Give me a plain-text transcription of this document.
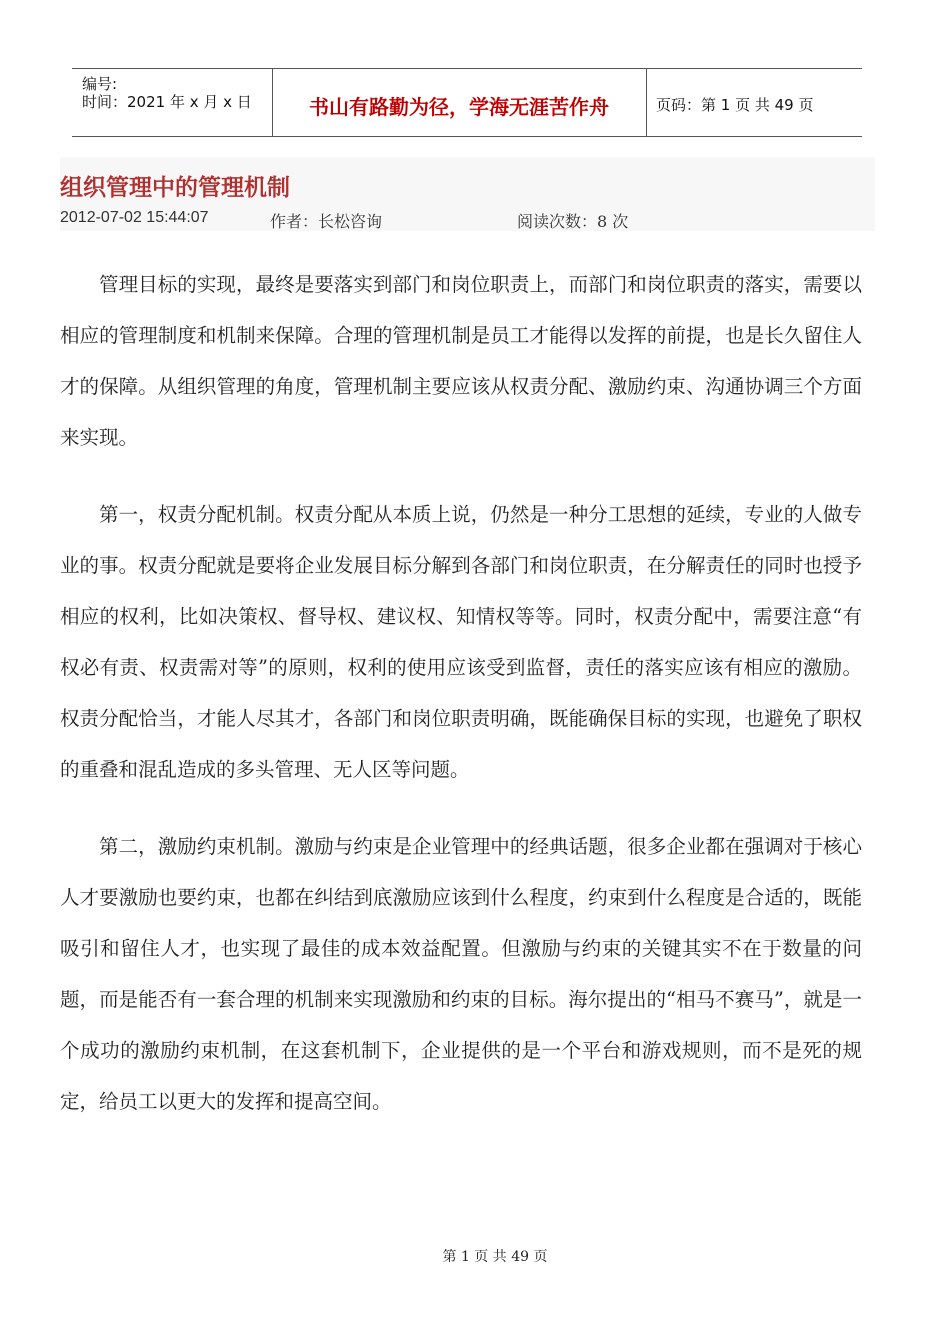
编号:
时间：2021 年 x 月 x 日	书山有路勤为径，学海无涯苦作舟	页码：第 1 页 共 49 页
组织管理中的管理机制
2012-07-02 15:44:07	作者：长松咨询	阅读次数：8 次

管理目标的实现，最终是要落实到部门和岗位职责上，而部门和岗位职责的落实，需要以相应的管理制度和机制来保障。合理的管理机制是员工才能得以发挥的前提，也是长久留住人才的保障。从组织管理的角度，管理机制主要应该从权责分配、激励约束、沟通协调三个方面来实现。

第一，权责分配机制。权责分配从本质上说，仍然是一种分工思想的延续，专业的人做专业的事。权责分配就是要将企业发展目标分解到各部门和岗位职责，在分解责任的同时也授予相应的权利，比如决策权、督导权、建议权、知情权等等。同时，权责分配中，需要注意“有权必有责、权责需对等”的原则，权利的使用应该受到监督，责任的落实应该有相应的激励。权责分配恰当，才能人尽其才，各部门和岗位职责明确，既能确保目标的实现，也避免了职权的重叠和混乱造成的多头管理、无人区等问题。

第二，激励约束机制。激励与约束是企业管理中的经典话题，很多企业都在强调对于核心人才要激励也要约束，也都在纠结到底激励应该到什么程度，约束到什么程度是合适的，既能吸引和留住人才，也实现了最佳的成本效益配置。但激励与约束的关键其实不在于数量的问题，而是能否有一套合理的机制来实现激励和约束的目标。海尔提出的“相马不赛马”，就是一个成功的激励约束机制，在这套机制下，企业提供的是一个平台和游戏规则，而不是死的规定，给员工以更大的发挥和提高空间。

第 1 页 共 49 页
